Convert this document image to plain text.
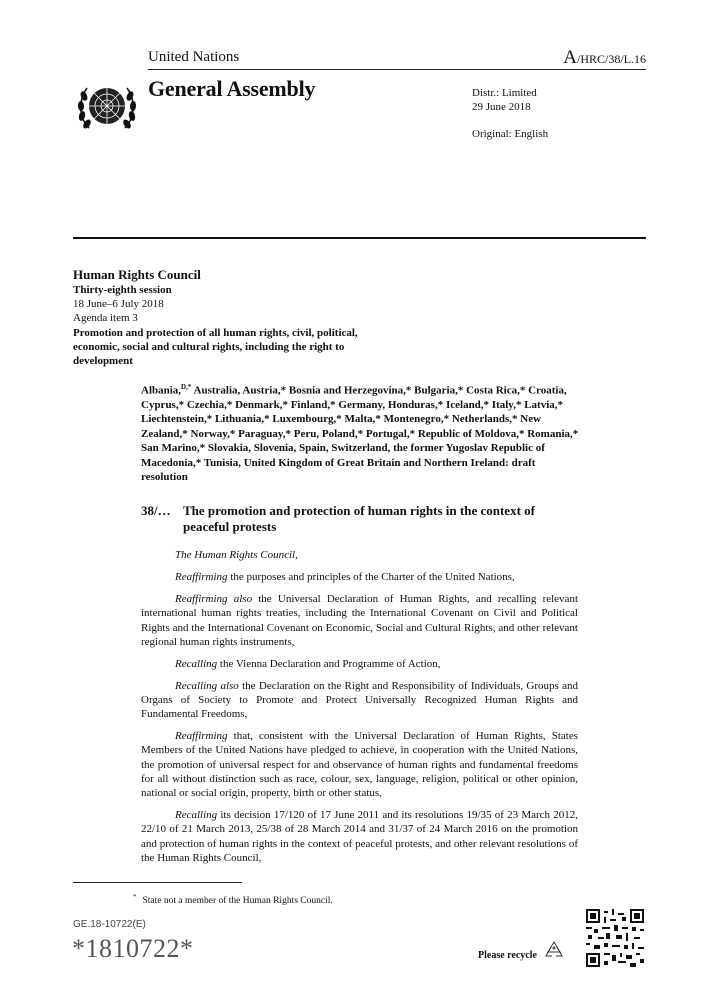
United Nations	A/HRC/38/L.16
General Assembly	Distr.: Limited
29 June 2018
Original: English
Human Rights Council
Thirty-eighth session
18 June–6 July 2018
Agenda item 3
Promotion and protection of all human rights, civil, political, economic, social and cultural rights, including the right to development
Albania,$^{D,*}$ Australia, Austria,* Bosnia and Herzegovina,* Bulgaria,* Costa Rica,* Croatia, Cyprus,* Czechia,* Denmark,* Finland,* Germany, Honduras,* Iceland,* Italy,* Latvia,* Liechtenstein,* Lithuania,* Luxembourg,* Malta,* Montenegro,* Netherlands,* New Zealand,* Norway,* Paraguay,* Peru, Poland,* Portugal,* Republic of Moldova,* Romania,* San Marino,* Slovakia, Slovenia, Spain, Switzerland, the former Yugoslav Republic of Macedonia,* Tunisia, United Kingdom of Great Britain and Northern Ireland: draft resolution
38/… The promotion and protection of human rights in the context of peaceful protests

The Human Rights Council,

Reaffirming the purposes and principles of the Charter of the United Nations,

Reaffirming also the Universal Declaration of Human Rights, and recalling relevant international human rights treaties, including the International Covenant on Civil and Political Rights and the International Covenant on Economic, Social and Cultural Rights, and other relevant regional human rights instruments,

Recalling the Vienna Declaration and Programme of Action,

Recalling also the Declaration on the Right and Responsibility of Individuals, Groups and Organs of Society to Promote and Protect Universally Recognized Human Rights and Fundamental Freedoms,

Reaffirming that, consistent with the Universal Declaration of Human Rights, States Members of the United Nations have pledged to achieve, in cooperation with the United Nations, the promotion of universal respect for and observance of human rights and fundamental freedoms for all without distinction such as race, colour, sex, language, religion, political or other opinion, national or social origin, property, birth or other status,

Recalling its decision 17/120 of 17 June 2011 and its resolutions 19/35 of 23 March 2012, 22/10 of 21 March 2013, 25/38 of 28 March 2014 and 31/37 of 24 March 2016 on the promotion and protection of human rights in the context of peaceful protests, and other relevant resolutions of the Human Rights Council,

* State not a member of the Human Rights Council.
GE.18-10722(E)
*1810722*	Please recycle
